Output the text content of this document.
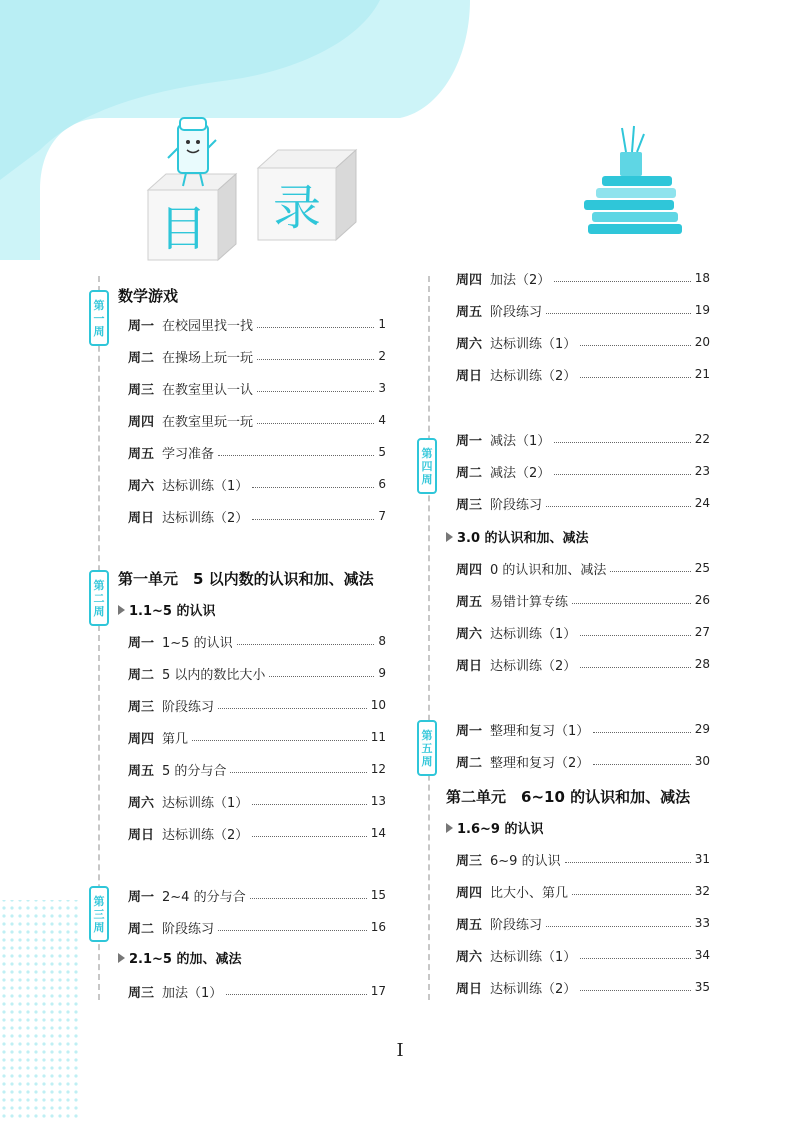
目 录
第
一
周
第
二
周
第
三
周
数学游戏
周一 在校园里找一找	1
周二 在操场上玩一玩	2
周三 在教室里认一认	3
周四 在教室里玩一玩	4
周五 学习准备	5
周六 达标训练（1）	6
周日 达标训练（2）	7
第一单元　5 以内数的认识和加、减法
1.1~5 的认识
周一 1~5 的认识	8
周二 5 以内的数比大小	9
周三 阶段练习	10
周四 第几	11
周五 5 的分与合	12
周六 达标训练（1）	13
周日 达标训练（2）	14
周一 2~4 的分与合	15
周二 阶段练习	16
2.1~5 的加、减法
周三 加法（1）	17
第
四
周
第
五
周
周四 加法（2）	18
周五 阶段练习	19
周六 达标训练（1）	20
周日 达标训练（2）	21
周一 减法（1）	22
周二 减法（2）	23
周三 阶段练习	24
3.0 的认识和加、减法
周四 0 的认识和加、减法	25
周五 易错计算专练	26
周六 达标训练（1）	27
周日 达标训练（2）	28
周一 整理和复习（1）	29
周二 整理和复习（2）	30
第二单元　6~10 的认识和加、减法
1.6~9 的认识
周三 6~9 的认识	31
周四 比大小、第几	32
周五 阶段练习	33
周六 达标训练（1）	34
周日 达标训练（2）	35
I
